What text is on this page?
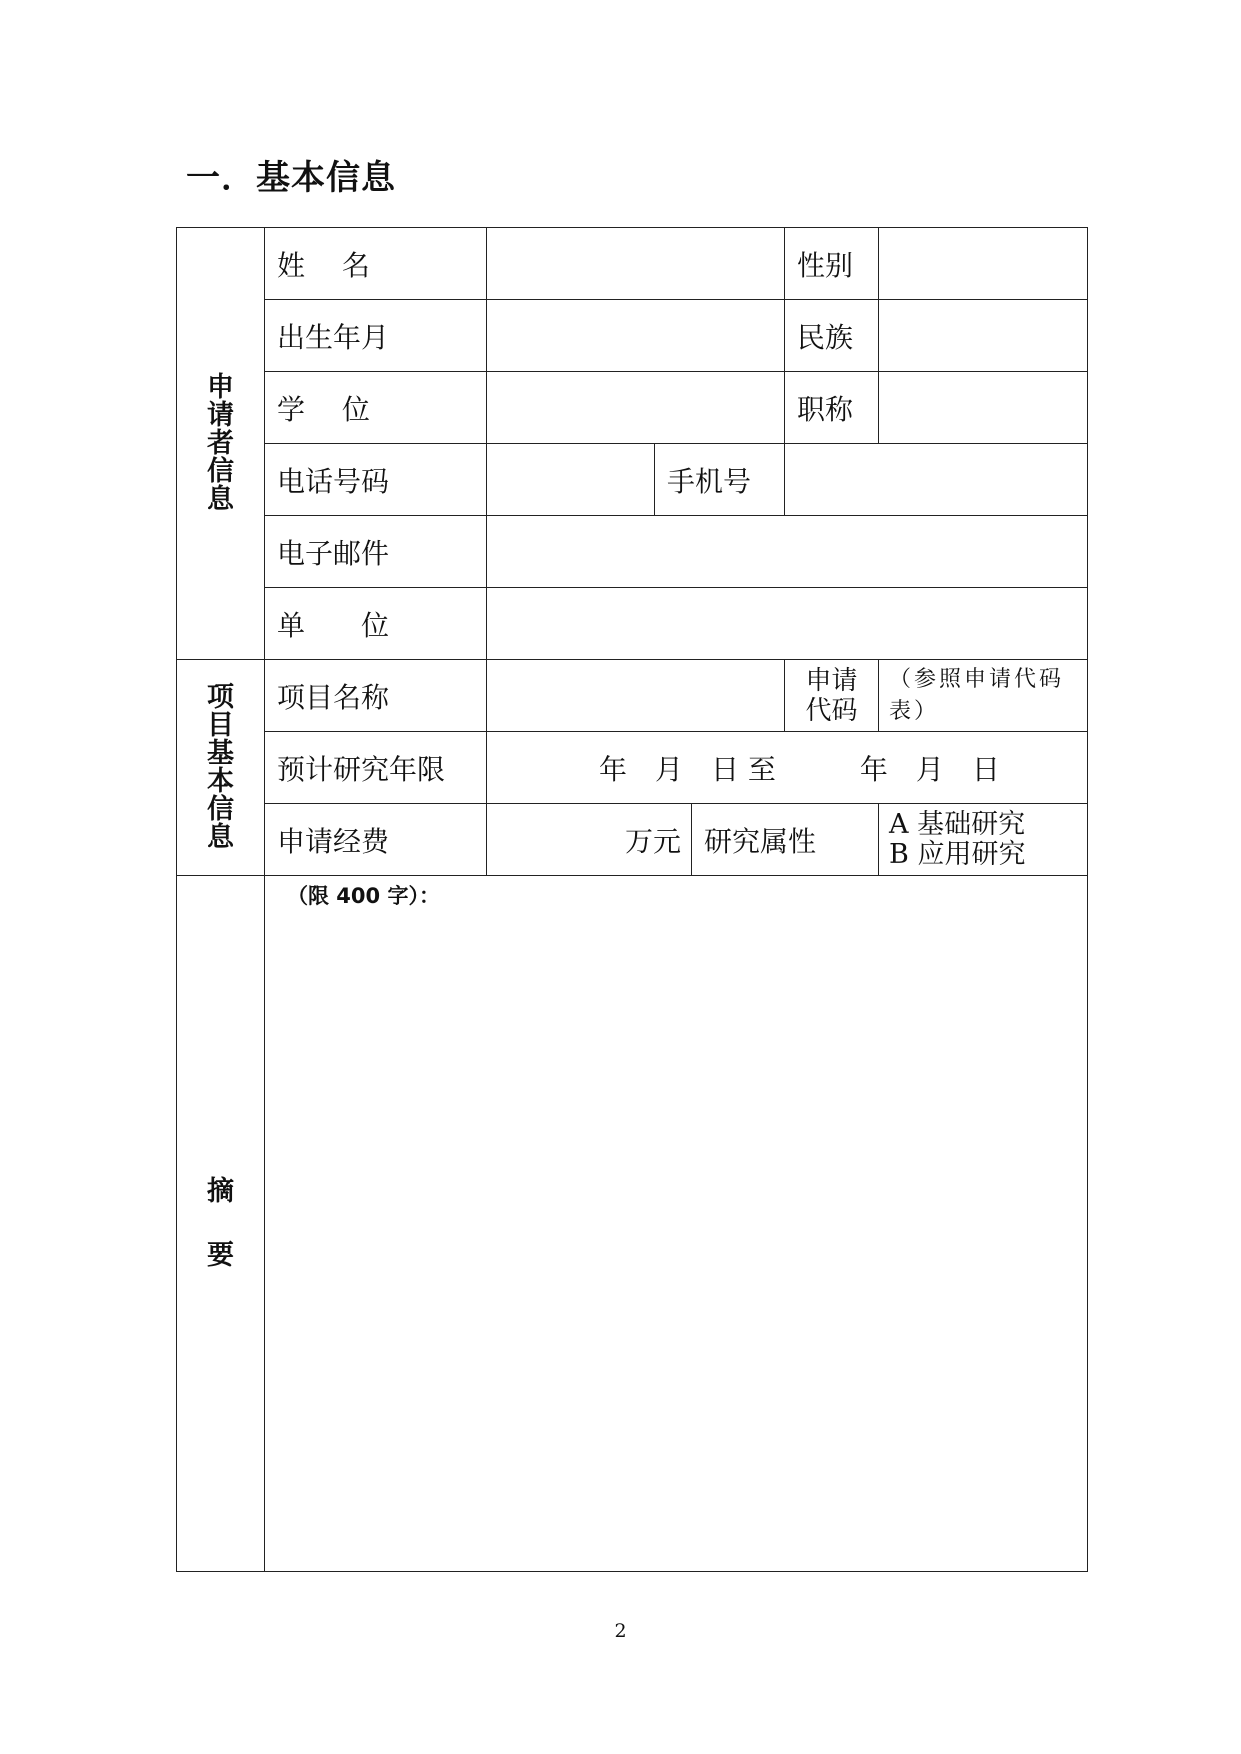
一．基本信息
申请者信息	姓　 名				性别	
	出生年月				民族	
	学　 位				职称	
	电话号码		手机号			
	电子邮件					
	单　　位					
项目基本信息	项目名称				申请代码	（参照申请代码表）
	预计研究年限	年　月　日 至　　　年　月　日				
	申请经费	万元		研究属性		A 基础研究
B 应用研究

摘
要	（限 400 字）：					
2
